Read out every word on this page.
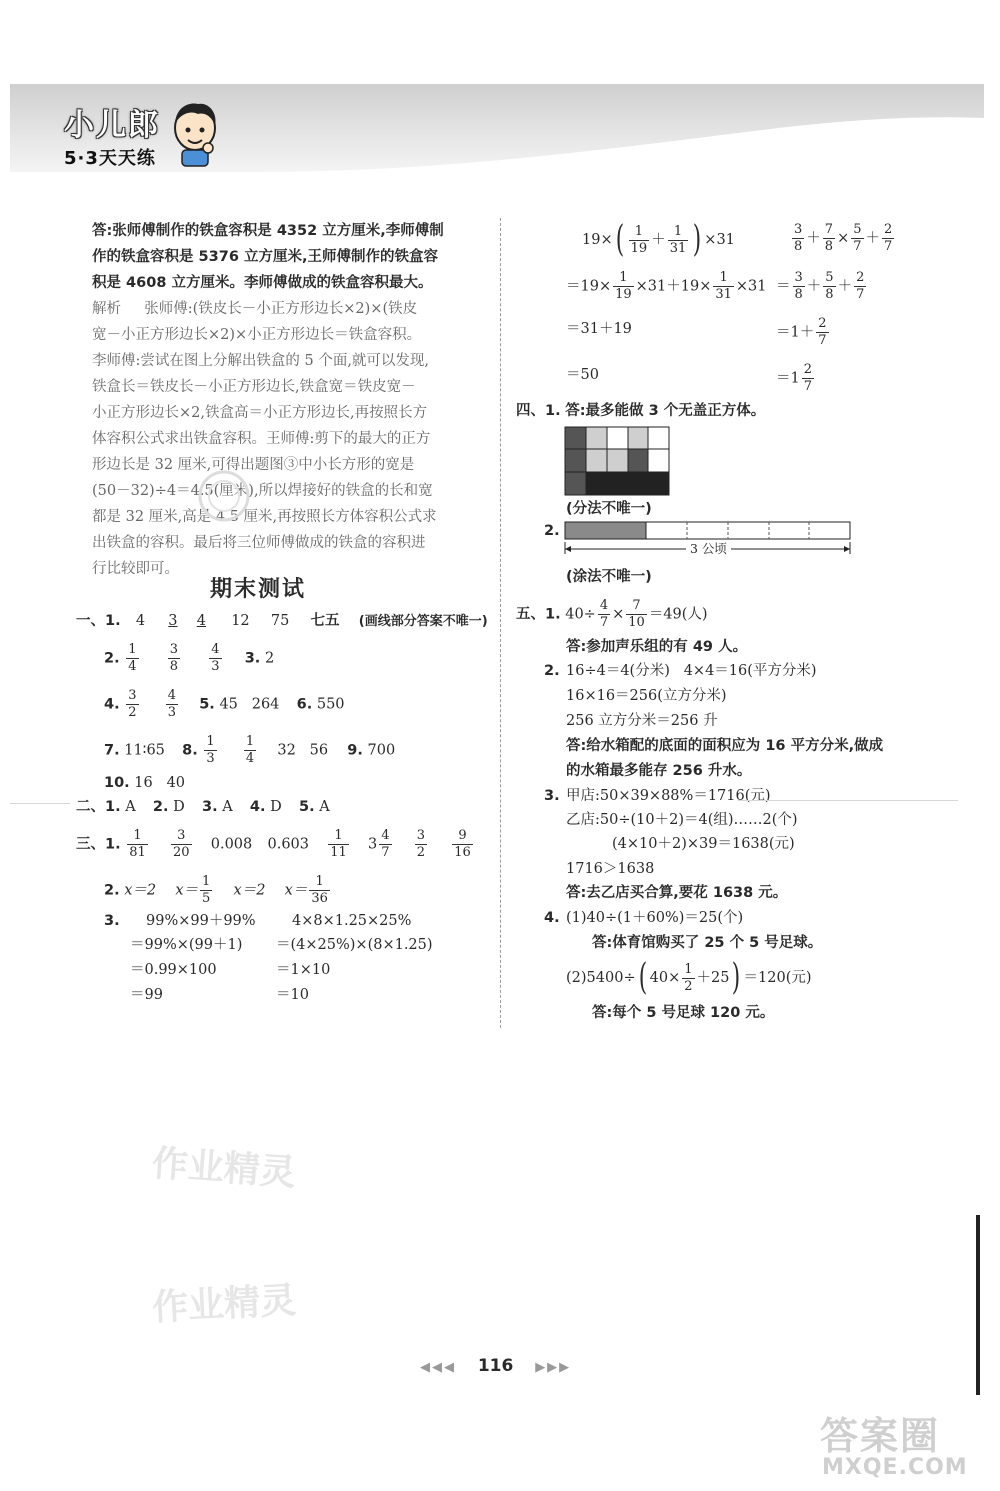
小儿郎
5·3天天练
答:张师傅制作的铁盒容积是 4352 立方厘米,李师傅制
作的铁盒容积是 5376 立方厘米,王师傅制作的铁盒容
积是 4608 立方厘米。李师傅做成的铁盒容积最大。
解析 张师傅:(铁皮长－小正方形边长×2)×(铁皮
宽－小正方形边长×2)×小正方形边长＝铁盒容积。
李师傅:尝试在图上分解出铁盒的 5 个面,就可以发现,
铁盒长＝铁皮长－小正方形边长,铁盒宽＝铁皮宽－
小正方形边长×2,铁盒高＝小正方形边长,再按照长方
体容积公式求出铁盒容积。王师傅:剪下的最大的正方
形边长是 32 厘米,可得出题图③中小长方形的宽是
(50－32)÷4＝4.5(厘米),所以焊接好的铁盒的长和宽
都是 32 厘米,高是 4.5 厘米,再按照长方体容积公式求
出铁盒的容积。最后将三位师傅做成的铁盒的容积进
行比较即可。
期末测试
一、1. 4 3 4 12 75 七五 (画线部分答案不唯一)
2. $\frac{1}{4}$
$\frac{3}{8}$
$\frac{4}{3} 3$. 2
4. $\frac{3}{2}$
$\frac{4}{3} 5$. 45   264 6. 550
7. 11∶65 8. $\frac{1}{3}$
$\frac{1}{4} 32$   56 9. 700
10. 16   40
二、1. A 2. D 3. A 4. D 5. A
三、1. $\frac{1}{81}$
$\frac{3}{20} 0.008$ $0.603 \frac{1}{11} 3 \frac{4}{7}$
$\frac{3}{2}$
$\frac{9}{16}$
2. x＝2 $x= \frac{1}{5} x=2$ $x= \frac{1}{36}$
3. 99%×99＋99%
＝99%×(99＋1)
＝0.99×100
＝99
4×8×1.25×25%
＝(4×25%)×(8×1.25)
＝1×10
＝10
$19\times( \frac{1}{19} + \frac{1}{31}$ ) ×31
$=19\times \frac{1}{19} \times 31+19\times \frac{1}{31} \times 31$
＝31＋19
＝50
$\frac{3}{8} + \frac{7}{8} \times \frac{5}{7} + \frac{2}{7}$
＝ $\frac{3}{8} + \frac{5}{8} + \frac{2}{7}$
$=1+ \frac{2}{7}$
$=1 \frac{2}{7}$
四、1. 答:最多能做 3 个无盖正方体。
(分法不唯一)
2.
3 公顷
(涂法不唯一)
五、1. $40\div \frac{4}{7} \times \frac{7}{10} =49$(人)
答:参加声乐组的有 49 人。
2. 16÷4＝4(分米)   4×4＝16(平方分米)
16×16＝256(立方分米)
256 立方分米＝256 升
答:给水箱配的底面的面积应为 16 平方分米,做成
的水箱最多能存 256 升水。
3. 甲店:50×39×88%＝1716(元)
乙店:50÷(10＋2)＝4(组)……2(个)
(4×10＋2)×39＝1638(元)
1716＞1638
答:去乙店买合算,要花 1638 元。
4. (1)40÷(1＋60%)＝25(个)
答:体育馆购买了 25 个 5 号足球。
(2)5400÷( $40\times \frac{1}{2} +25) =120$(元)
答:每个 5 号足球 120 元。
作业精灵
作业精灵
◀◀◀ 116 ▶▶▶
答案圈
MXQE.COM
